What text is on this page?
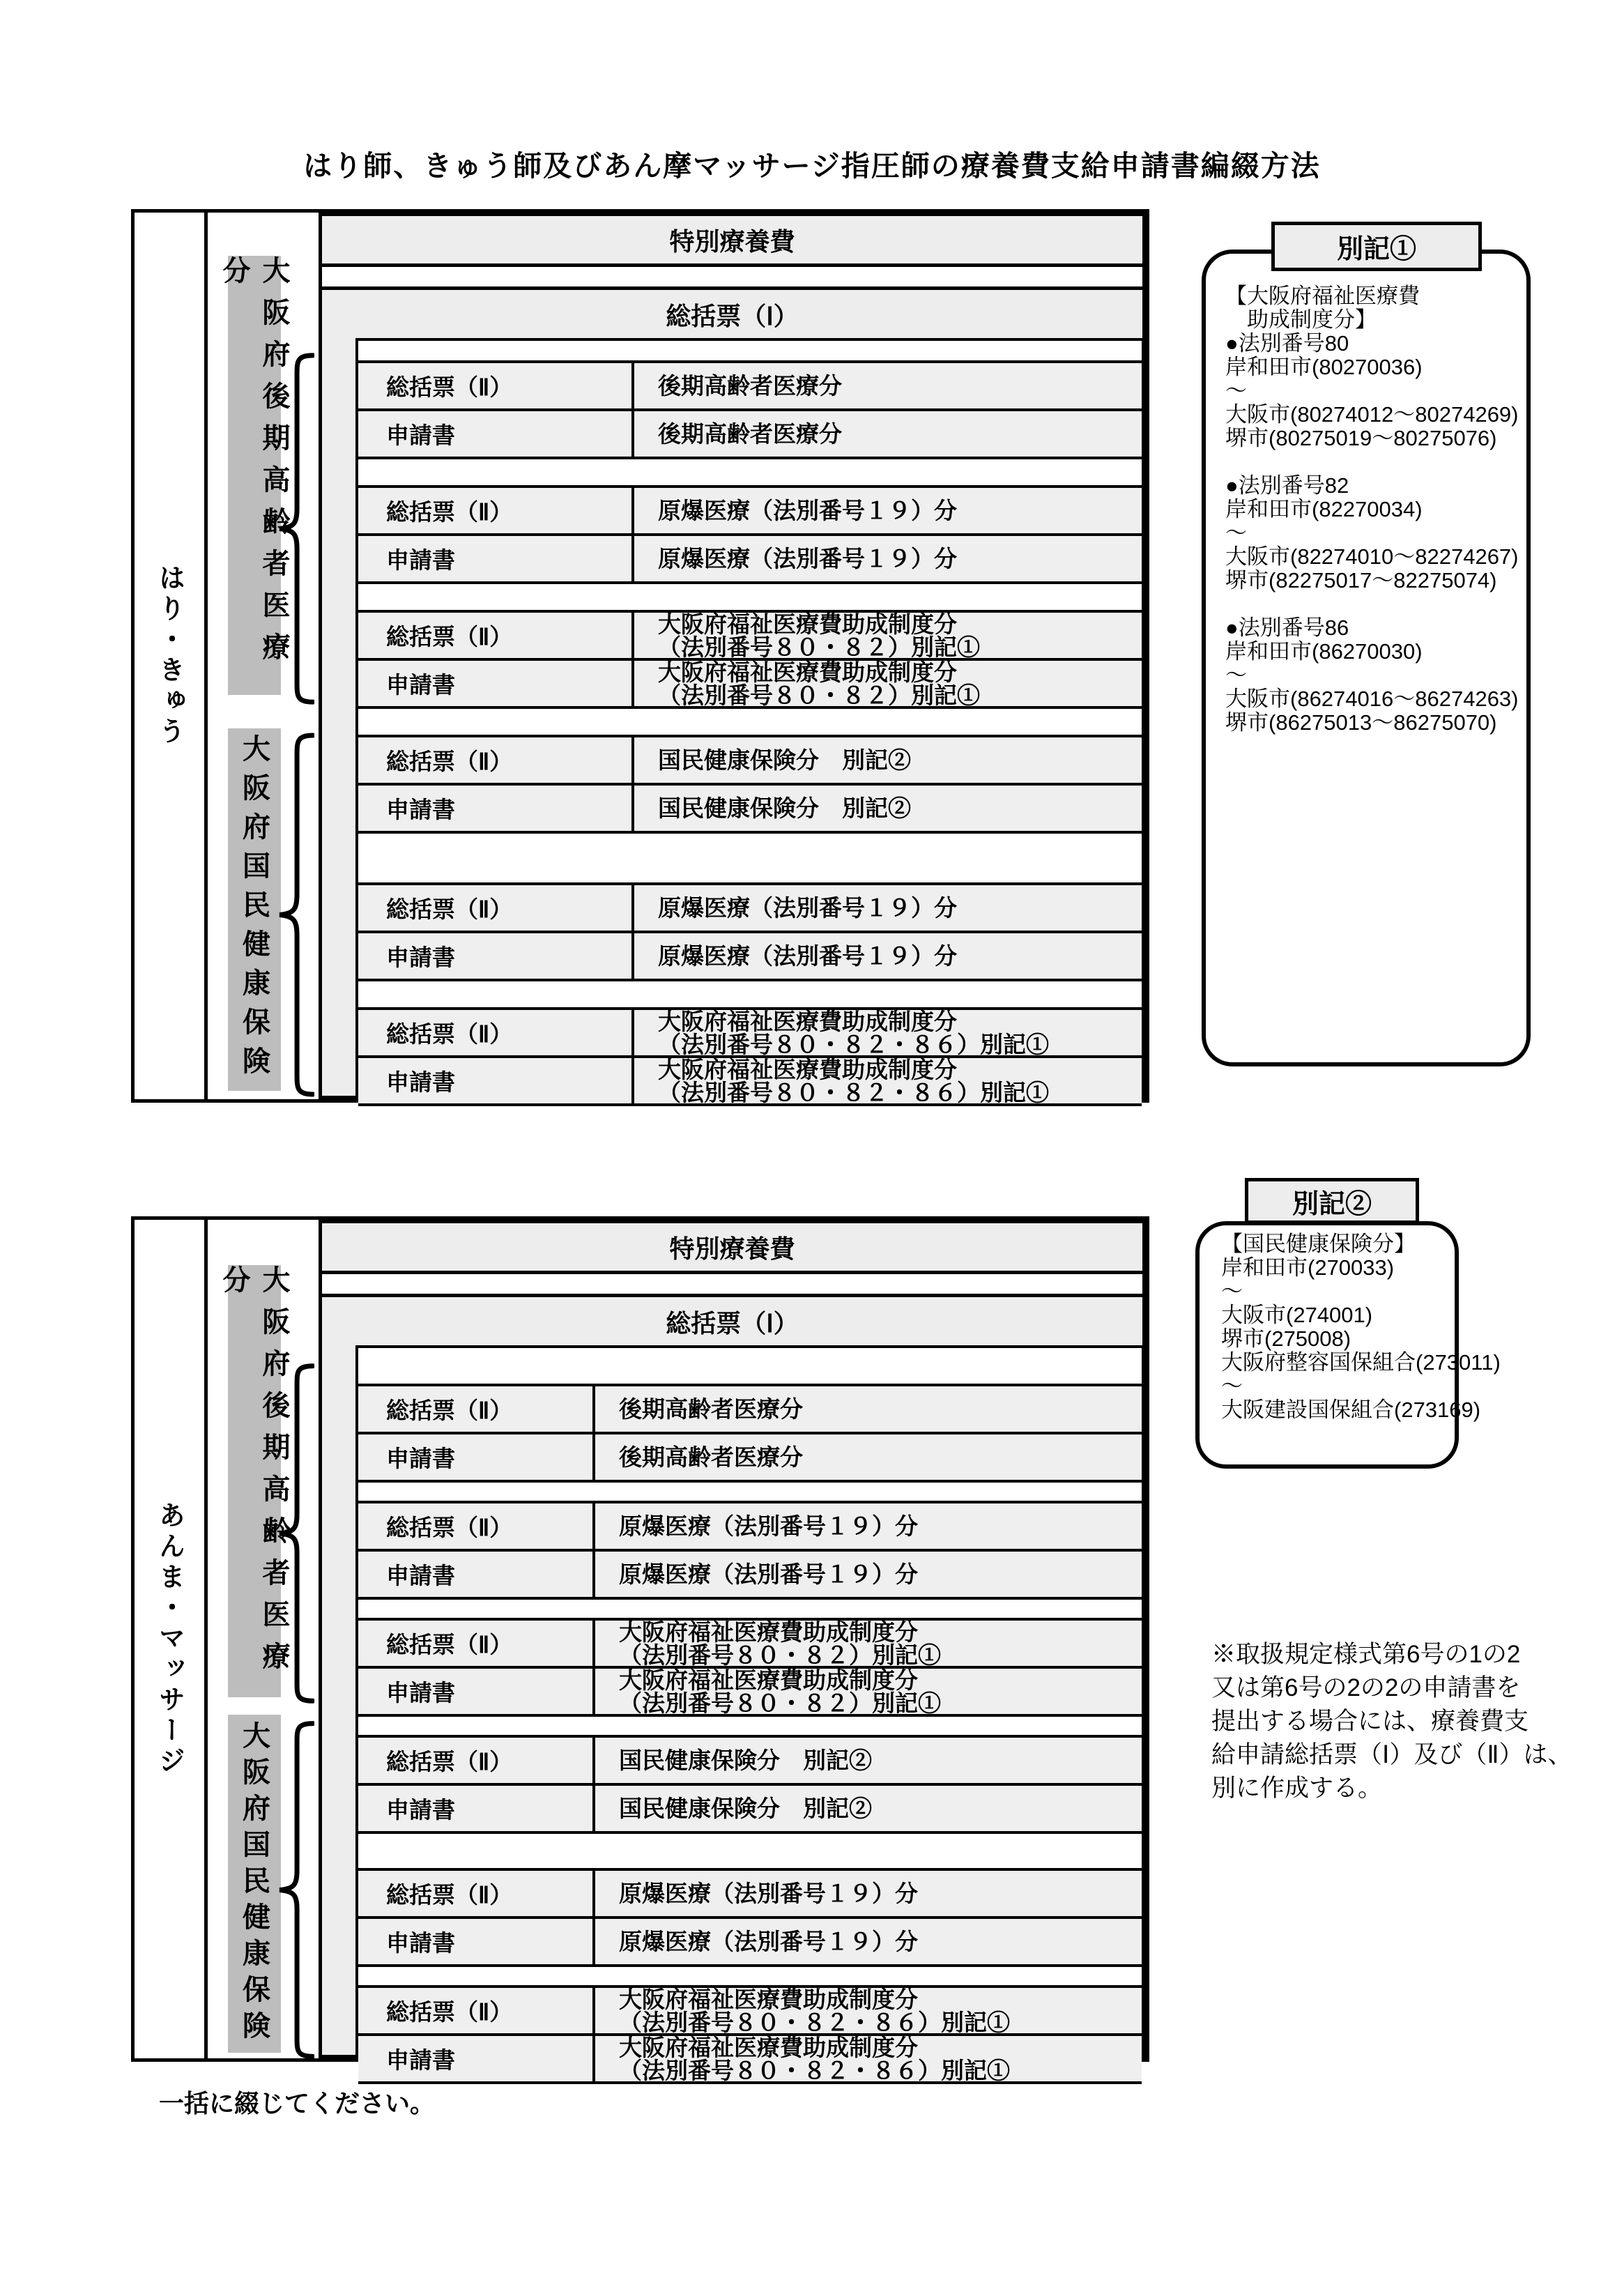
はり師、きゅう師及びあん摩マッサージ指圧師の療養費支給申請書編綴方法
はり・きゅう	大阪府後期高齢者医療分
大阪府国民健康保険
特別療養費
総括票（Ⅰ）
総括票（Ⅱ）	後期高齢者医療分
申請書	後期高齢者医療分
総括票（Ⅱ）	原爆医療（法別番号１９）分
申請書	原爆医療（法別番号１９）分
総括票（Ⅱ）	大阪府福祉医療費助成制度分
（法別番号８０・８２）別記①
申請書	大阪府福祉医療費助成制度分
（法別番号８０・８２）別記①
総括票（Ⅱ）	国民健康保険分　別記②
申請書	国民健康保険分　別記②
総括票（Ⅱ）	原爆医療（法別番号１９）分
申請書	原爆医療（法別番号１９）分
総括票（Ⅱ）	大阪府福祉医療費助成制度分
（法別番号８０・８２・８６）別記①
申請書	大阪府福祉医療費助成制度分
（法別番号８０・８２・８６）別記①
あんま・マッサージ	大阪府後期高齢者医療分
大阪府国民健康保険
特別療養費
総括票（Ⅰ）
総括票（Ⅱ）	後期高齢者医療分
申請書	後期高齢者医療分
総括票（Ⅱ）	原爆医療（法別番号１９）分
申請書	原爆医療（法別番号１９）分
総括票（Ⅱ）	大阪府福祉医療費助成制度分
（法別番号８０・８２）別記①
申請書	大阪府福祉医療費助成制度分
（法別番号８０・８２）別記①
総括票（Ⅱ）	国民健康保険分　別記②
申請書	国民健康保険分　別記②
総括票（Ⅱ）	原爆医療（法別番号１９）分
申請書	原爆医療（法別番号１９）分
総括票（Ⅱ）	大阪府福祉医療費助成制度分
（法別番号８０・８２・８６）別記①
申請書	大阪府福祉医療費助成制度分
（法別番号８０・８２・８６）別記①
別記①
【大阪府福祉医療費
　助成制度分】
●法別番号80
岸和田市(80270036)
～
大阪市(80274012～80274269)
堺市(80275019～80275076)
●法別番号82
岸和田市(82270034)
～
大阪市(82274010～82274267)
堺市(82275017～82275074)
●法別番号86
岸和田市(86270030)
～
大阪市(86274016～86274263)
堺市(86275013～86275070)
別記②
【国民健康保険分】
岸和田市(270033)
～
大阪市(274001)
堺市(275008)
大阪府整容国保組合(273011)
～
大阪建設国保組合(273169)
※取扱規定様式第6号の1の2
又は第6号の2の2の申請書を
提出する場合には、療養費支
給申請総括票（Ⅰ）及び（Ⅱ）は、
別に作成する。
一括に綴じてください。
